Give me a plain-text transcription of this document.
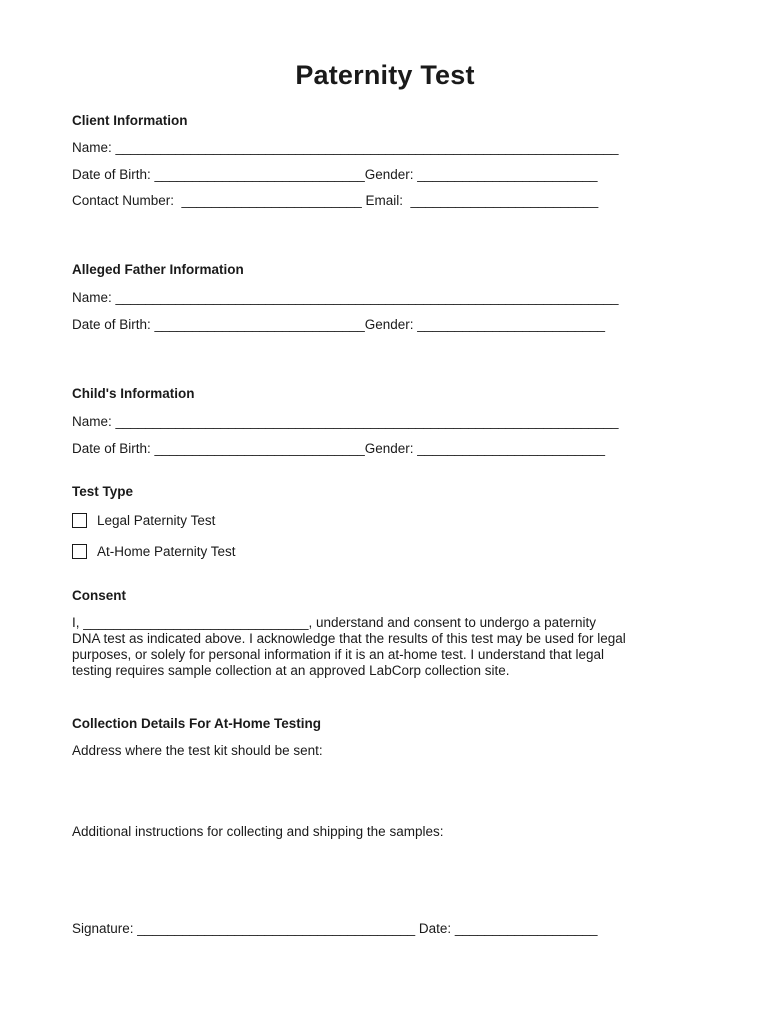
Paternity Test
Client Information
Name: ___________________________________________________________________
Date of Birth: ____________________________Gender: ________________________
Contact Number:  ________________________ Email:  _________________________
Alleged Father Information
Name: ___________________________________________________________________
Date of Birth: ____________________________Gender: _________________________
Child's Information
Name: ___________________________________________________________________
Date of Birth: ____________________________Gender: _________________________
Test Type
Legal Paternity Test
At-Home Paternity Test
Consent
I, ______________________________, understand and consent to undergo a paternity
DNA test as indicated above. I acknowledge that the results of this test may be used for legal
purposes, or solely for personal information if it is an at-home test. I understand that legal
testing requires sample collection at an approved LabCorp collection site.
Collection Details For At-Home Testing
Address where the test kit should be sent:
Additional instructions for collecting and shipping the samples:
Signature: _____________________________________ Date: ___________________
